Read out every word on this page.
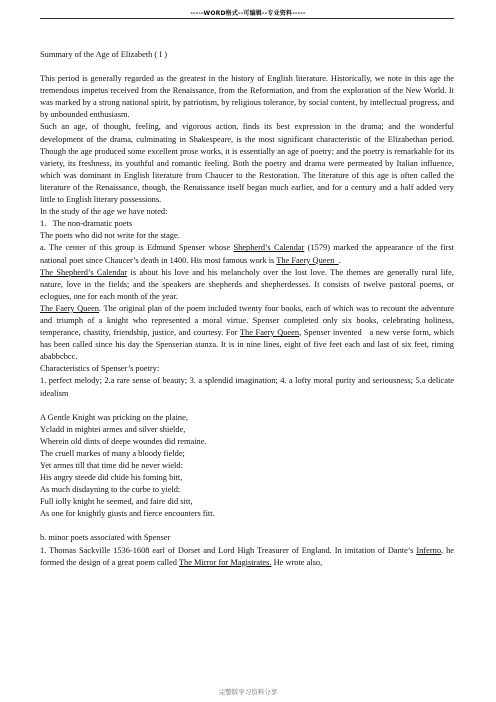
-----WORD格式--可编辑--专业资料-----

Summary of the Age of Elizabeth ( I )

This period is generally regarded as the greatest in the history of English literature. Historically, we note in this age the tremendous impetus received from the Renaissance, from the Reformation, and from the exploration of the New World. It was marked by a strong national spirit, by patriotism, by religious tolerance, by social content, by intellectual progress, and by unbounded enthusiasm.

Such an age, of thought, feeling, and vigorous action, finds its best expression in the drama; and the wonderful development of the drama, culminating in Shakespeare, is the most significant characteristic of the Elizabethan period. Though the age produced some excellent prose works, it is essentially an age of poetry; and the poetry is remarkable for its variety, its freshness, its youthful and romantic feeling. Both the poetry and drama were permeated by Italian influence, which was dominant in English literature from Chaucer to the Restoration. The literature of this age is often called the literature of the Renaissance, though, the Renaissance itself began much earlier, and for a century and a half added very little to English literary possessions.

In the study of the age we have noted:

1.   The non-dramatic poets

The poets who did not write for the stage.

a. The center of this group is Edmund Spenser whose Shepherd’s Calendar (1579) marked the appearance of the first national poet since Chaucer’s death in 1400. His most famous work is The Faery Queen  .

The Shepherd’s Calendar is about his love and his melancholy over the lost love. The themes are generally rural life, nature, love in the fields; and the speakers are shepherds and shepherdesses. It consists of twelve pastoral poems, or eclogues, one for each month of the year.

The Faery Queen. The original plan of the poem included twenty four books, each of which was to recount the adventure and triumph of a knight who represented a moral virtue. Spenser completed only six books, celebrating holiness, temperance, chastity, friendship, justice, and courtesy. For The Faery Queen, Spenser invented   a new verse form, which has been called since his day the Spenserian stanza. It is in nine lines, eight of five feet each and last of six feet, riming ababbcbcc.

Characteristics of Spenser’s poetry:

1. perfect melody; 2.a rare sense of beauty; 3. a splendid imagination; 4. a lofty moral purity and seriousness; 5.a delicate idealism

A Gentle Knight was pricking on the plaine,

Ycladd in mightei armes and silver shielde,

Wherein old dints of deepe woundes did remaine.

The cruell markes of many a bloody fielde;

Yet armes till that time did he never wield:

His angry steede did chide his foming bitt,

As much disdayning to the curbe to yield:

Full iolly knight he seemed, and faire did sitt,

As one for knightly giusts and fierce encounters fitt.

b. minor poets associated with Spenser

1. Thomas Sackville 1536-1608 earl of Dorset and Lord High Treasurer of England. In imitation of Dante’s Inferno, he formed the design of a great poem called The Mirror for Magistrates. He wrote also,

完整版学习资料分享
